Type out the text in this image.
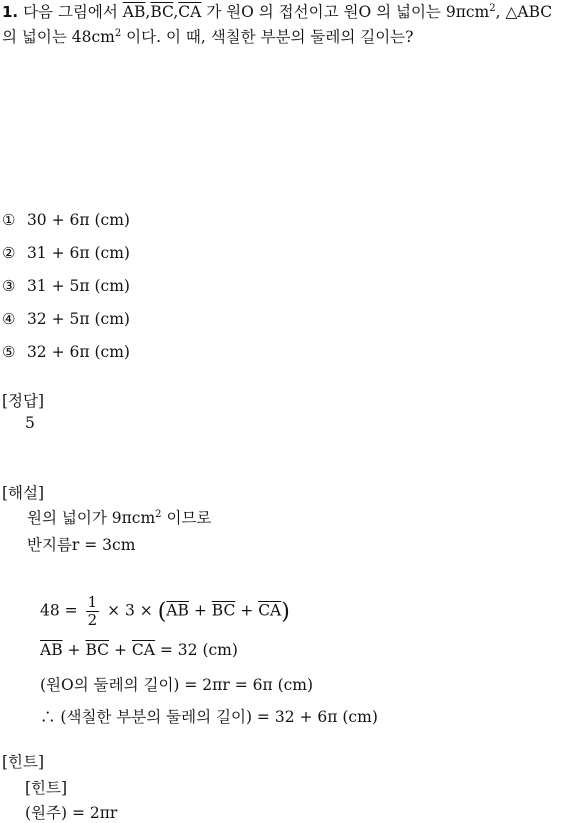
1. 다음 그림에서 $\overline{AB},\overline{BC},\overline{CA}$ 가 원O 의 접선이고 원O 의 넓이는 9πcm$^2$, △ABC
의 넓이는 $48cm^2$ 이다. 이 때, 색칠한 부분의 둘레의 길이는?
① 30 + 6π (cm)
② 31 + 6π (cm)
③ 31 + 5π (cm)
④ 32 + 5π (cm)
⑤ 32 + 6π (cm)
[정답]
5
[해설]
원의 넓이가 9πcm$^2$ 이므로
반지름r = 3cm
$48 = \frac{1}{2} \times 3 \times (\overline{AB} + \overline{BC} + \overline{CA})$
$\overline{AB} + \overline{BC} + \overline{CA} = 32$ (cm)
(원O의 둘레의 길이) = 2πr = 6π (cm)
∴ (색칠한 부분의 둘레의 길이) = 32 + 6π (cm)
[힌트]
[힌트]
(원주) = 2πr
